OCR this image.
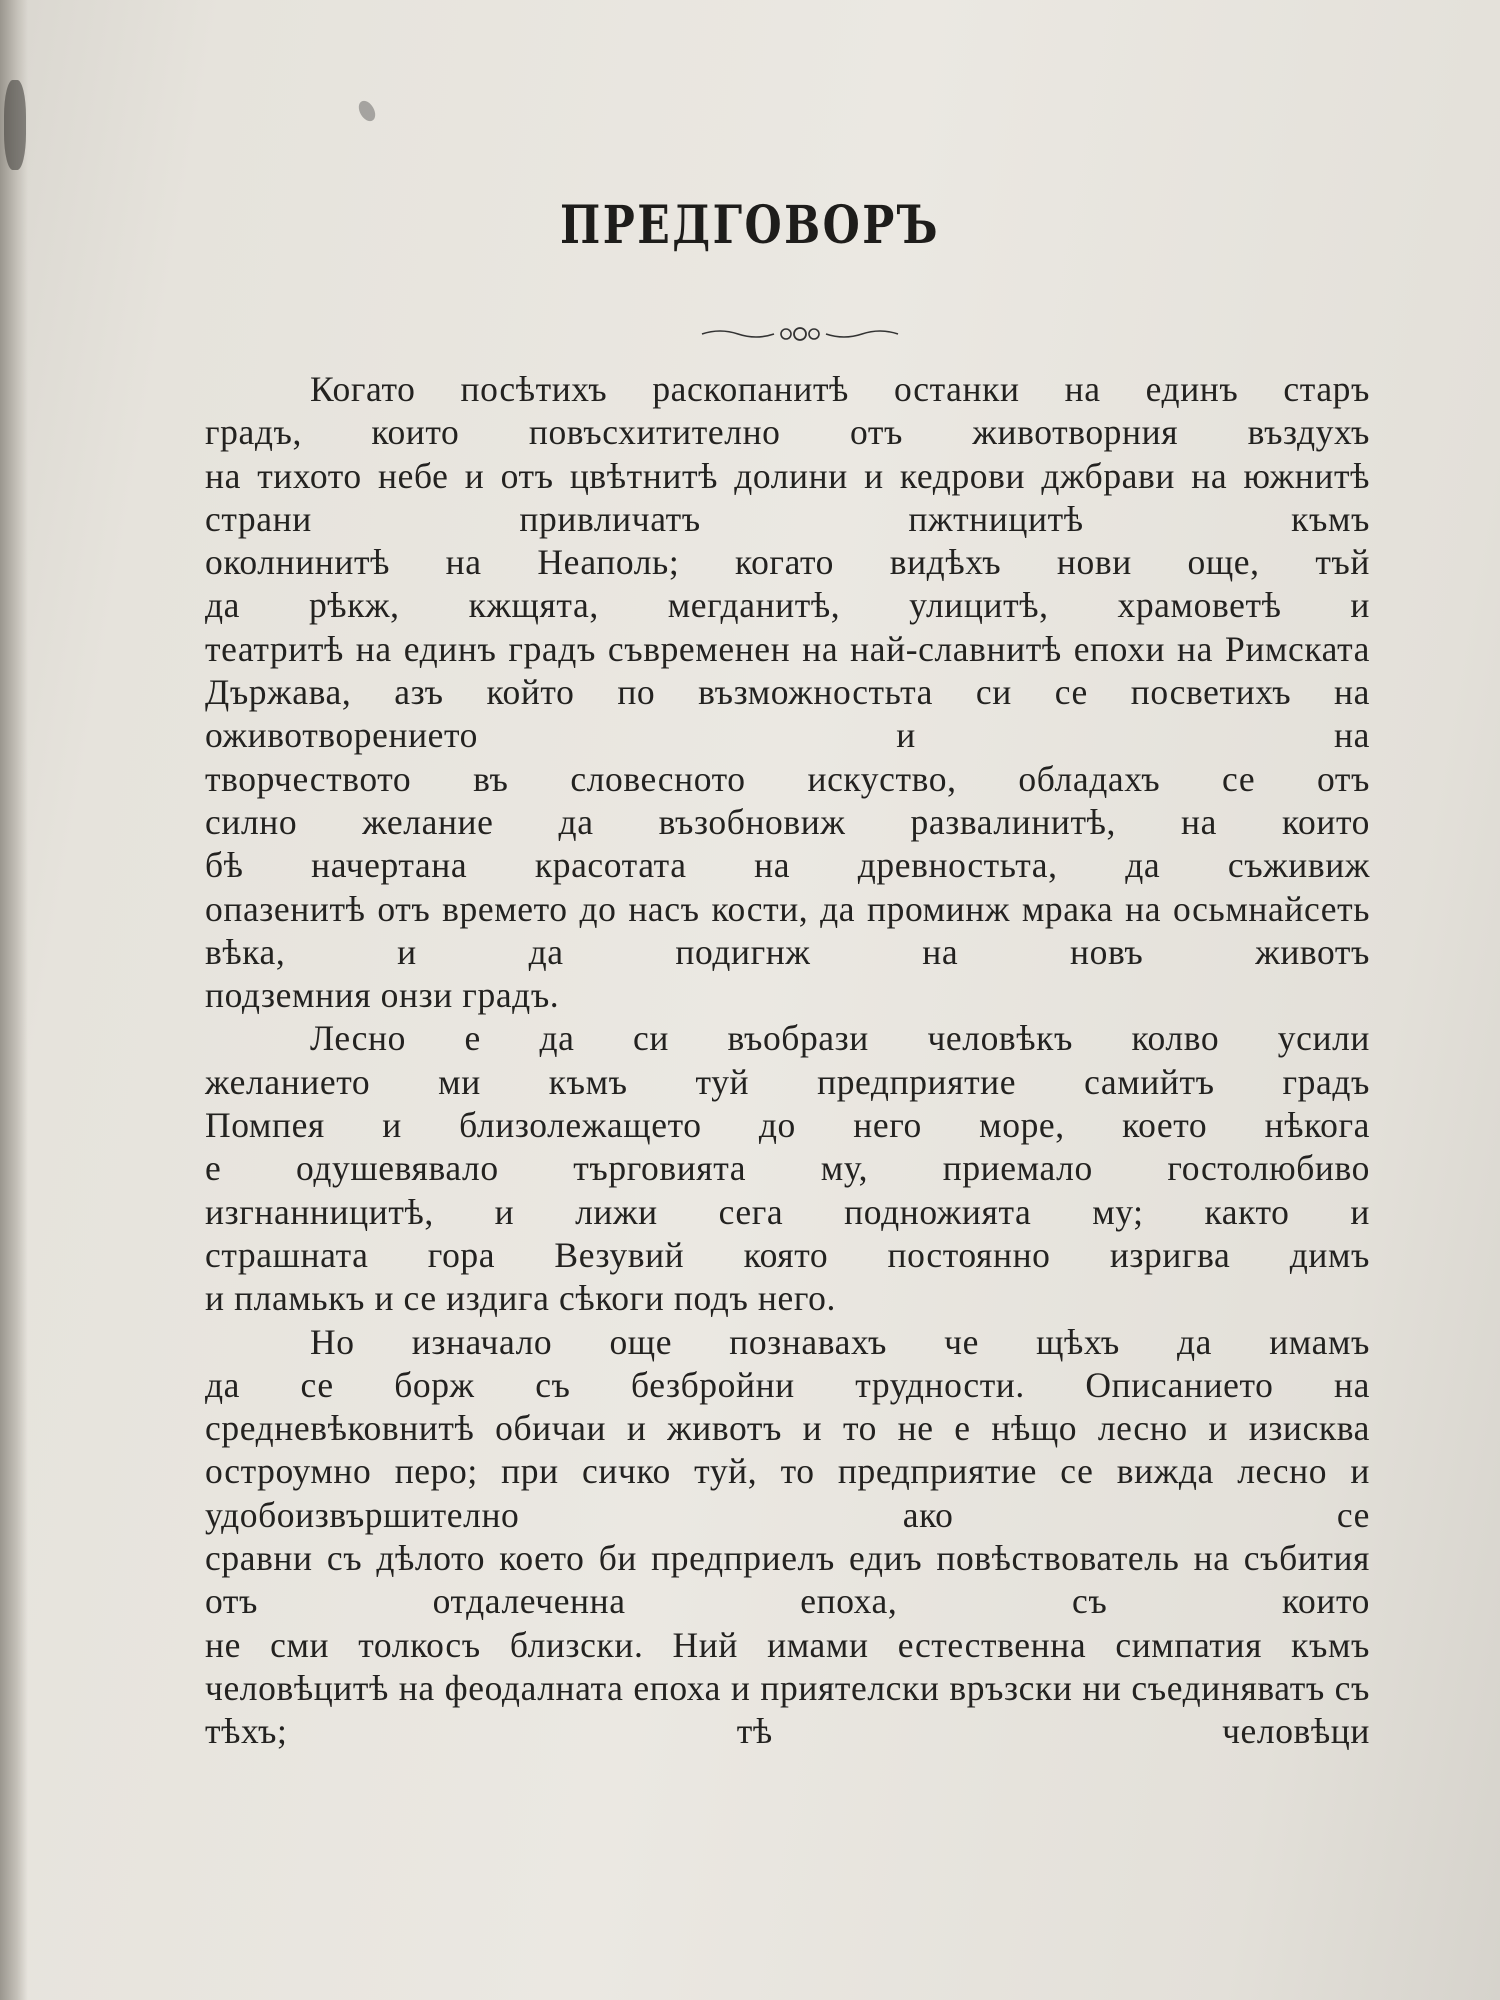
ПРЕДГОВОРЪ
Когато посѣтихъ раскопанитѣ останки на единъ старъ
градъ, които повъсхитително отъ животворния въздухъ
на тихото небе и отъ цвѣтнитѣ долини и кедрови джбрави на южнитѣ страни привличатъ пжтницитѣ къмъ
околнинитѣ на Неаполь; когато видѣхъ нови още, тъй
да рѣкж, кжщята, мегданитѣ, улицитѣ, храмоветѣ и
театритѣ на единъ градъ съвременен на най-славнитѣ епохи на Римската Държава, азъ който по възможностьта си се посветихъ на оживотворението и на
творчеството въ словесното искуство, обладахъ се отъ
силно желание да възобновиж развалинитѣ, на които
бѣ начертана красотата на древностьта, да съживиж
опазенитѣ отъ времето до насъ кости, да проминж мрака на осьмнайсеть вѣка, и да подигнж на новъ животъ
подземния онзи градъ.
Лесно е да си въобрази человѣкъ колво усили
желанието ми къмъ туй предприятие самийтъ градъ
Помпея и близолежащето до него море, което нѣкога
е одушевявало търговията му, приемало гостолюбиво
изгнанницитѣ, и лижи сега подножията му; както и
страшната гора Везувий която постоянно изригва димъ
и пламькъ и се издига сѣкоги подъ него.
Но изначало още познавахъ че щѣхъ да имамъ
да се борж съ безбройни трудности. Описанието на
средневѣковнитѣ обичаи и животъ и то не е нѣщо лесно и изисква остроумно перо; при сичко туй, то предприятие се вижда лесно и удобоизвършително ако се
сравни съ дѣлото което би предприелъ едиъ повѣствователь на събития отъ отдалеченна епоха, съ които
не сми толкосъ близски. Ний имами естественна симпатия къмъ человѣцитѣ на феодалната епоха и приятелски връзски ни съединяватъ съ тѣхъ; тѣ человѣци
